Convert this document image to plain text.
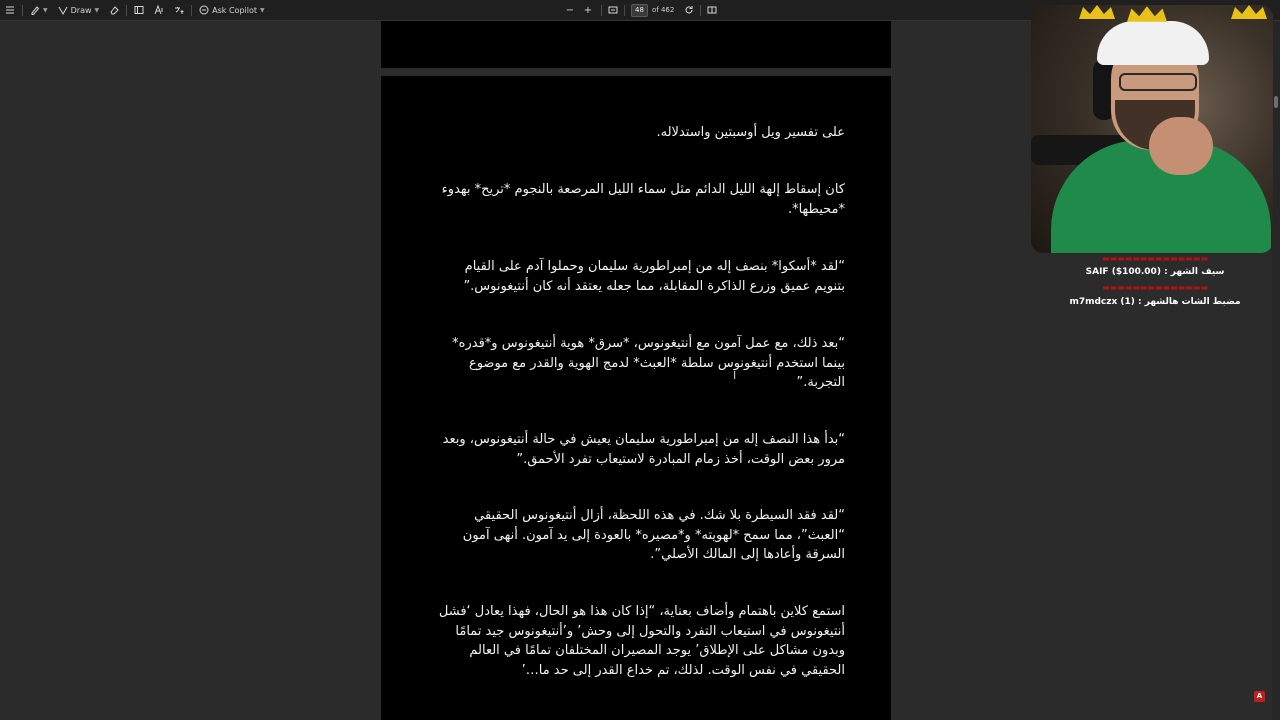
▼	Draw ▼	Ask Copilot ▼	− +	48	of 462
على تفسير ويل أوسبتين واستدلاله.
كان إسقاط إلهة الليل الدائم مثل سماء الليل المرصعة بالنجوم *تريح* بهدوء *محيطها*.
“لقد *أسكوا* بنصف إله من إمبراطورية سليمان وحملوا آدم على القيام بتنويم عميق وزرع الذاكرة المقابلة، مما جعله يعتقد أنه كان أنتيغونوس.”
“بعد ذلك، مع عمل آمون مع أنتيغونوس، *سرق* هوية أنتيغونوس و*قدره* بينما استخدم أنتيغونوس سلطة *العبث* لدمج الهوية والقدر مع موضوع التجربة.”
“بدأ هذا النصف إله من إمبراطورية سليمان يعيش في حالة أنتيغونوس، وبعد مرور بعض الوقت، أخذ زمام المبادرة لاستيعاب تفرد الأحمق.”
“لقد فقد السيطرة بلا شك. في هذه اللحظة، أزال أنتيغونوس الحقيقي “العبث”، مما سمح *لهويته* و*مصيره* بالعودة إلى يد آمون. أنهى آمون السرقة وأعادها إلى المالك الأصلي”.
استمع كلاين باهتمام وأضاف بعناية، “إذا كان هذا هو الحال، فهذا يعادل ‘فشل أنتيغونوس في استيعاب التفرد والتحول إلى وحش’ و’أنتيغونوس جيد تمامًا وبدون مشاكل على الإطلاق’ يوجد المصيران المختلفان تمامًا في العالم الحقيقي في نفس الوقت. لذلك، تم خداع القدر إلى حد ما…’
I
A
▬▬▬▬▬▬▬▬▬▬▬▬▬▬
سيف الشهر : SAIF ($100.00)
▬▬▬▬▬▬▬▬▬▬▬▬▬▬
مضبط الشات هالشهر : m7mdczx (1)
